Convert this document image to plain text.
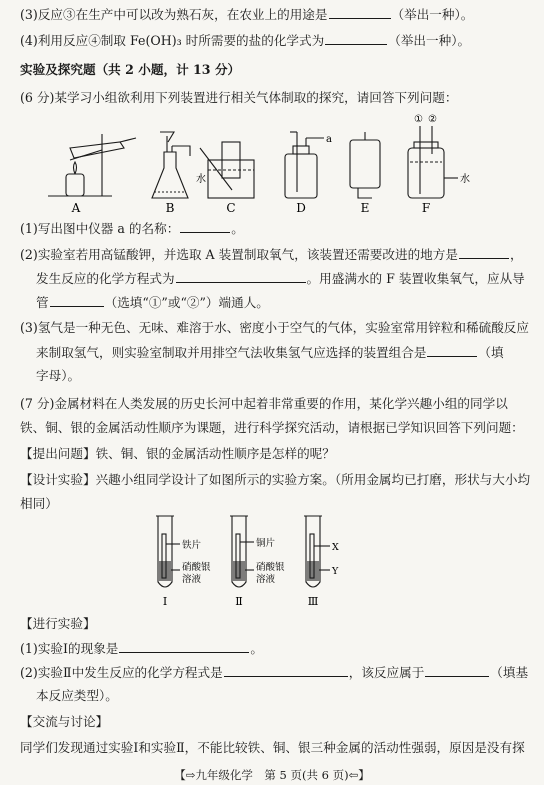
(3)反应③在生产中可以改为熟石灰，在农业上的用途是	（举出一种）。
(4)利用反应④制取 Fe(OH)₃ 时所需要的盐的化学式为	（举出一种）。
实验及探究题（共 2 小题，计 13 分）
(6 分)某学习小组欲利用下列装置进行相关气体制取的探究，请回答下列问题：
A	B	C	D	E	F
水
a
水
① ②
(1)写出图中仪器 a 的名称：	。
(2)实验室若用高锰酸钾，并选取 A 装置制取氧气，该装置还需要改进的地方是	，
发生反应的化学方程式为	。用盛满水的 F 装置收集氧气，应从导
管	（选填“①”或“②”）端通人。
(3)氢气是一种无色、无味、难溶于水、密度小于空气的气体，实验室常用锌粒和稀硫酸反应
来制取氢气，则实验室制取并用排空气法收集氢气应选择的装置组合是	（填
字母）。
(7 分)金属材料在人类发展的历史长河中起着非常重要的作用，某化学兴趣小组的同学以
铁、铜、银的金属活动性顺序为课题，进行科学探究活动，请根据已学知识回答下列问题：
【提出问题】铁、铜、银的金属活动性顺序是怎样的呢？
【设计实验】兴趣小组同学设计了如图所示的实验方案。（所用金属均已打磨，形状与大小均
相同）
Ⅰ	Ⅱ	Ⅲ
铁片
硝酸银
溶液
铜片
硝酸银
溶液
X
Y
【进行实验】
(1)实验Ⅰ的现象是	。
(2)实验Ⅱ中发生反应的化学方程式是	，该反应属于	（填基
本反应类型）。
【交流与讨论】
同学们发现通过实验Ⅰ和实验Ⅱ，不能比较铁、铜、银三种金属的活动性强弱，原因是没有探
【⇨九年级化学　第 5 页(共 6 页)⇦】
